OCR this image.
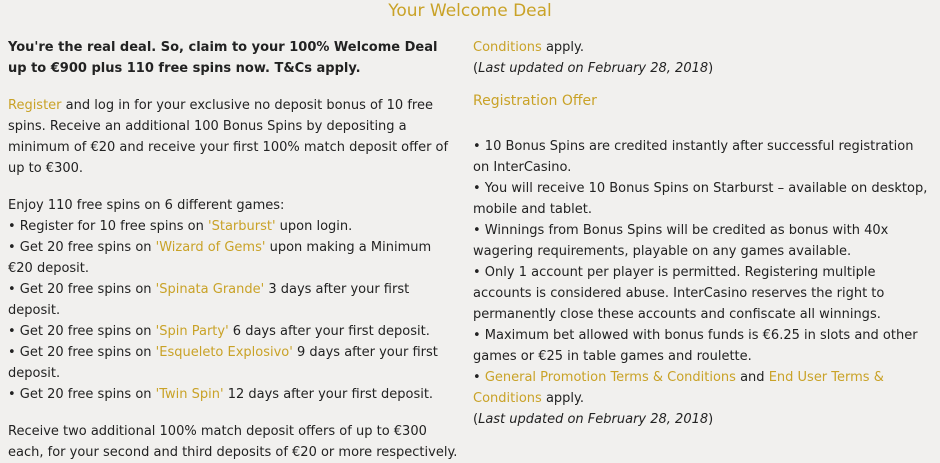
Your Welcome Deal

You're the real deal. So, claim to your 100% Welcome Deal up to €900 plus 110 free spins now. T&Cs apply.

Register and log in for your exclusive no deposit bonus of 10 free spins. Receive an additional 100 Bonus Spins by depositing a minimum of €20 and receive your first 100% match deposit offer of up to €300.

Enjoy 110 free spins on 6 different games:

• Register for 10 free spins on 'Starburst' upon login.

• Get 20 free spins on 'Wizard of Gems' upon making a Minimum €20 deposit.

• Get 20 free spins on 'Spinata Grande' 3 days after your first deposit.

• Get 20 free spins on 'Spin Party' 6 days after your first deposit.

• Get 20 free spins on 'Esqueleto Explosivo' 9 days after your first deposit.

• Get 20 free spins on 'Twin Spin' 12 days after your first deposit.

Receive two additional 100% match deposit offers of up to €300 each, for your second and third deposits of €20 or more respectively.

Conditions apply.

(Last updated on February 28, 2018)

Registration Offer

• 10 Bonus Spins are credited instantly after successful registration on InterCasino.

• You will receive 10 Bonus Spins on Starburst – available on desktop, mobile and tablet.

• Winnings from Bonus Spins will be credited as bonus with 40x wagering requirements, playable on any games available.

• Only 1 account per player is permitted. Registering multiple accounts is considered abuse. InterCasino reserves the right to permanently close these accounts and confiscate all winnings.

• Maximum bet allowed with bonus funds is €6.25 in slots and other games or €25 in table games and roulette.

• General Promotion Terms & Conditions and End User Terms & Conditions apply.

(Last updated on February 28, 2018)
